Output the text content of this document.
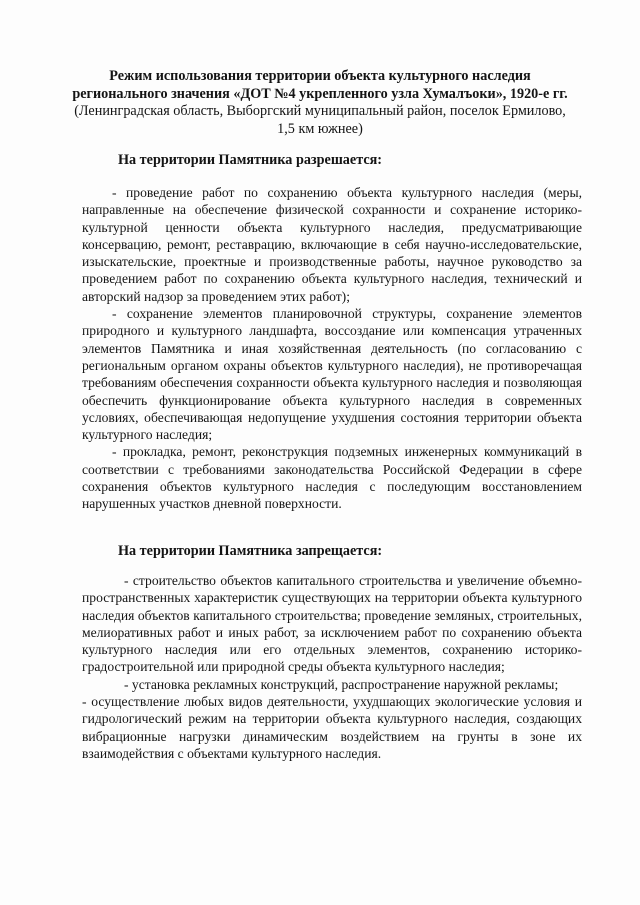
Режим использования территории объекта культурного наследия
регионального значения «ДОТ №4 укрепленного узла Хумалъоки», 1920-е гг.
(Ленинградская область, Выборгский муниципальный район, поселок Ермилово,
1,5 км южнее)
На территории Памятника разрешается:

- проведение работ по сохранению объекта культурного наследия (меры, направленные на обеспечение физической сохранности и сохранение историко-культурной ценности объекта культурного наследия, предусматривающие консервацию, ремонт, реставрацию, включающие в себя научно-исследовательские, изыскательские, проектные и производственные работы, научное руководство за проведением работ по сохранению объекта культурного наследия, технический и авторский надзор за проведением этих работ);

- сохранение элементов планировочной структуры, сохранение элементов природного и культурного ландшафта, воссоздание или компенсация утраченных элементов Памятника и иная хозяйственная деятельность (по согласованию с региональным органом охраны объектов культурного наследия), не противоречащая требованиям обеспечения сохранности объекта культурного наследия и позволяющая обеспечить функционирование объекта культурного наследия в современных условиях, обеспечивающая недопущение ухудшения состояния территории объекта культурного наследия;

- прокладка, ремонт, реконструкция подземных инженерных коммуникаций в соответствии с требованиями законодательства Российской Федерации в сфере сохранения объектов культурного наследия с последующим восстановлением нарушенных участков дневной поверхности.

На территории Памятника запрещается:

- строительство объектов капитального строительства и увеличение объемно-пространственных характеристик существующих на территории объекта культурного наследия объектов капитального строительства; проведение земляных, строительных, мелиоративных работ и иных работ, за исключением работ по сохранению объекта культурного наследия или его отдельных элементов, сохранению историко-градостроительной или природной среды объекта культурного наследия;

- установка рекламных конструкций, распространение наружной рекламы;

- осуществление любых видов деятельности, ухудшающих экологические условия и гидрологический режим на территории объекта культурного наследия, создающих вибрационные нагрузки динамическим воздействием на грунты в зоне их взаимодействия с объектами культурного наследия.
